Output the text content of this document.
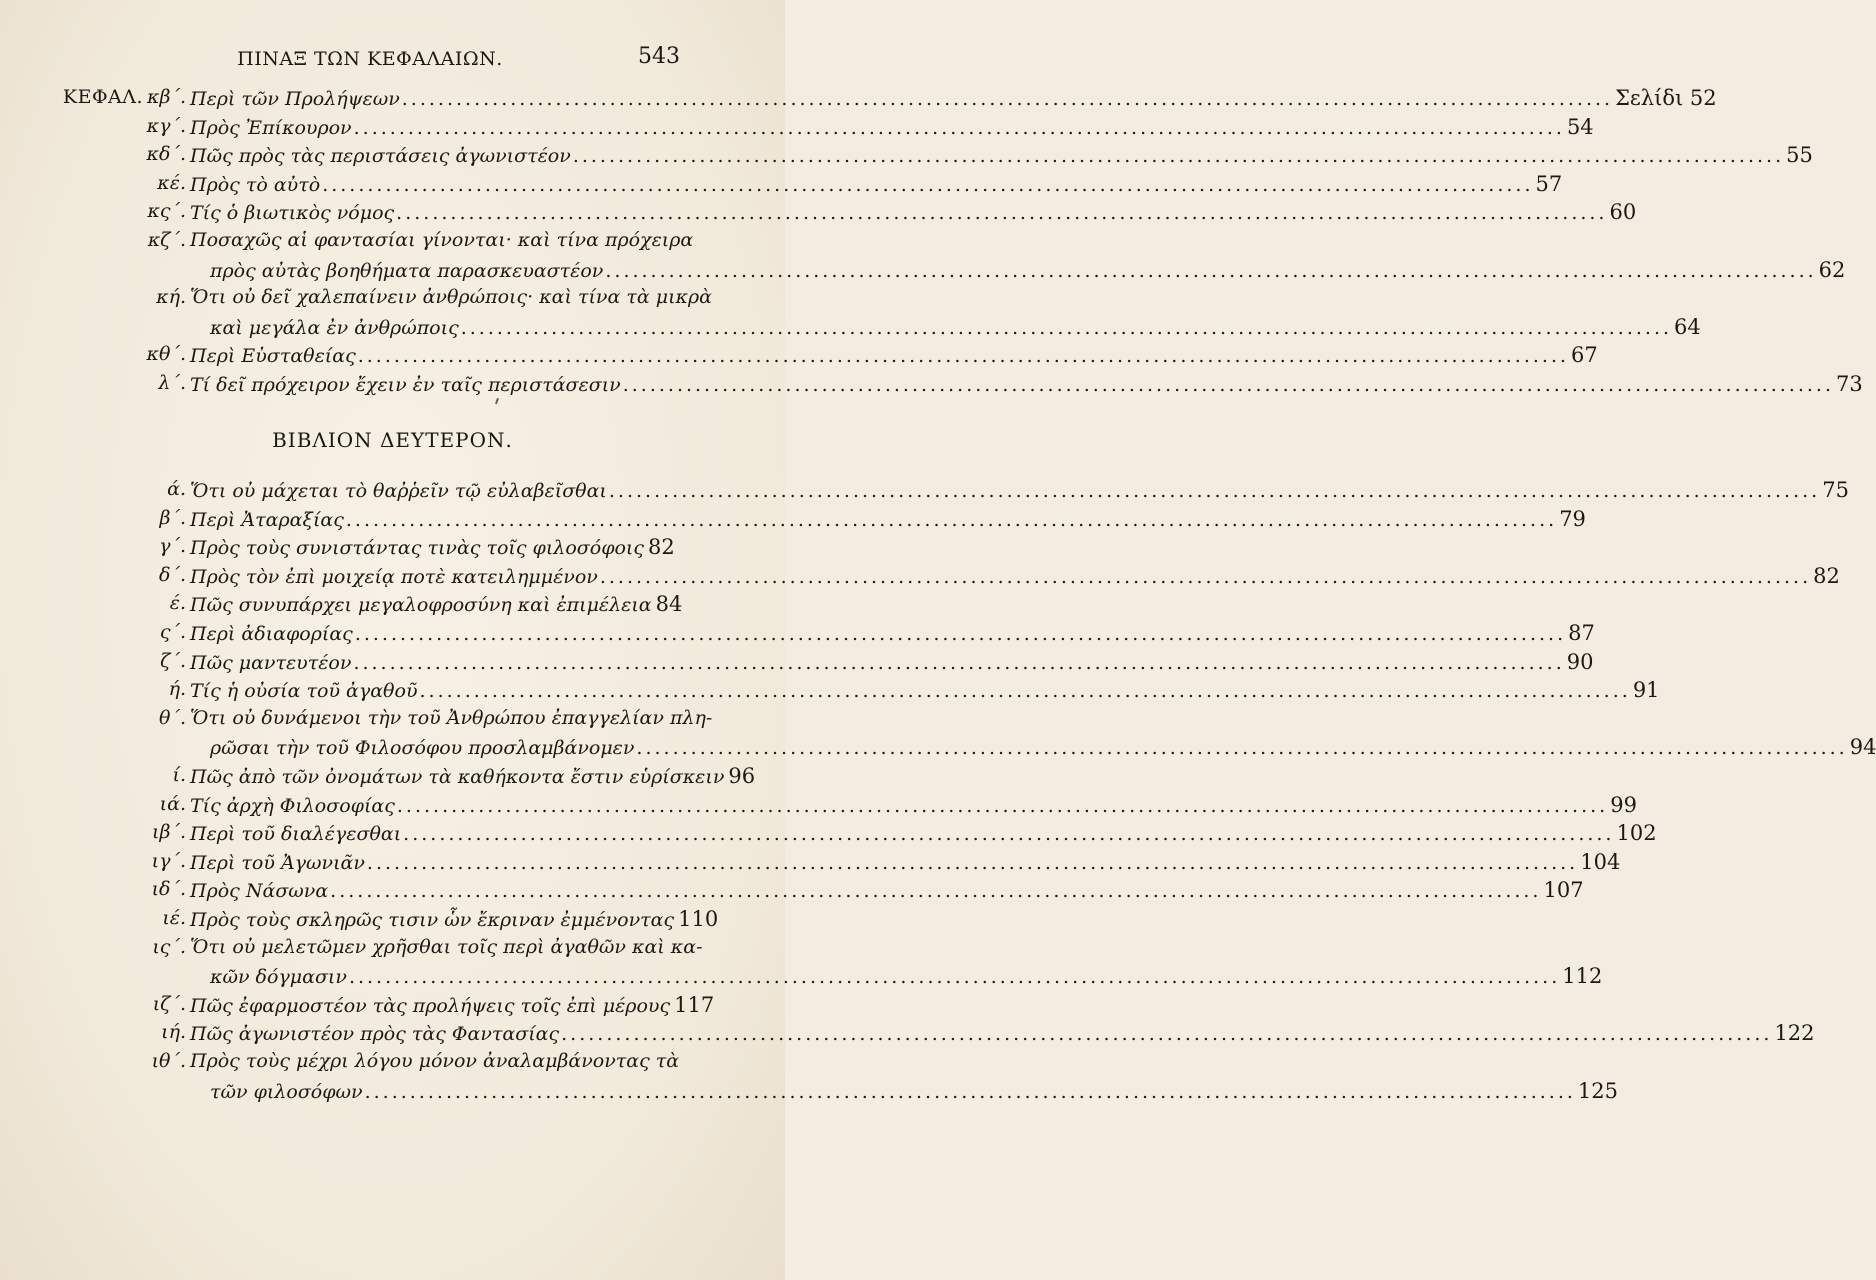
ΠΙΝΑΞ ΤΩΝ ΚΕΦΑΛΑΙΩΝ.	543
ΚΕΦΑΛ. κβ΄. Περὶ τῶν Προλήψεων .....	Σελίδι 52
κγ΄. Πρὸς Ἐπίκουρον .....	54
κδ΄. Πῶς πρὸς τὰς περιστάσεις ἀγωνιστέον .....	55
κέ. Πρὸς τὸ αὐτὸ .....	57
κς΄. Τίς ὁ βιωτικὸς νόμος .....	60
κζ΄. Ποσαχῶς αἱ φαντασίαι γίνονται· καὶ τίνα πρόχειρα
πρὸς αὐτὰς βοηθήματα παρασκευαστέον .....	62
κή. Ὅτι οὐ δεῖ χαλεπαίνειν ἀνθρώποις· καὶ τίνα τὰ μικρὰ
καὶ μεγάλα ἐν ἀνθρώποις .....	64
κθ΄. Περὶ Εὐσταθείας .....	67
λ΄. Τί δεῖ πρόχειρον ἔχειν ἐν ταῖς περιστάσεσιν .....	73
ΒΙΒΛΙΟΝ ΔΕΥΤΕΡΟΝ.
ά. Ὅτι οὐ μάχεται τὸ θαῤῥεῖν τῷ εὐλαβεῖσθαι .....	75
β΄. Περὶ Ἀταραξίας .....	79
γ΄. Πρὸς τοὺς συνιστάντας τινὰς τοῖς φιλοσόφοις 82
δ΄. Πρὸς τὸν ἐπὶ μοιχείᾳ ποτὲ κατειλημμένον .....	82
έ. Πῶς συνυπάρχει μεγαλοφροσύνη καὶ ἐπιμέλεια 84
ς΄. Περὶ ἀδιαφορίας .....	87
ζ΄. Πῶς μαντευτέον .....	90
ή. Τίς ἡ οὐσία τοῦ ἀγαθοῦ .....	91
θ΄. Ὅτι οὐ δυνάμενοι τὴν τοῦ Ἀνθρώπου ἐπαγγελίαν πλη-
ρῶσαι τὴν τοῦ Φιλοσόφου προσλαμβάνομεν .....	94
ί. Πῶς ἀπὸ τῶν ὀνομάτων τὰ καθήκοντα ἔστιν εὑρίσκειν 96
ιά. Τίς ἀρχὴ Φιλοσοφίας .....	99
ιβ΄. Περὶ τοῦ διαλέγεσθαι .....	102
ιγ΄. Περὶ τοῦ Ἀγωνιᾶν .....	104
ιδ΄. Πρὸς Νάσωνα .....	107
ιέ. Πρὸς τοὺς σκληρῶς τισιν ὧν ἔκριναν ἐμμένοντας 110
ις΄. Ὅτι οὐ μελετῶμεν χρῆσθαι τοῖς περὶ ἀγαθῶν καὶ κα-
κῶν δόγμασιν .....	112
ιζ΄. Πῶς ἐφαρμοστέον τὰς προλήψεις τοῖς ἐπὶ μέρους 117
ιή. Πῶς ἀγωνιστέον πρὸς τὰς Φαντασίας .....	122
ιθ΄. Πρὸς τοὺς μέχρι λόγου μόνον ἀναλαμβάνοντας τὰ
τῶν φιλοσόφων .....	125
